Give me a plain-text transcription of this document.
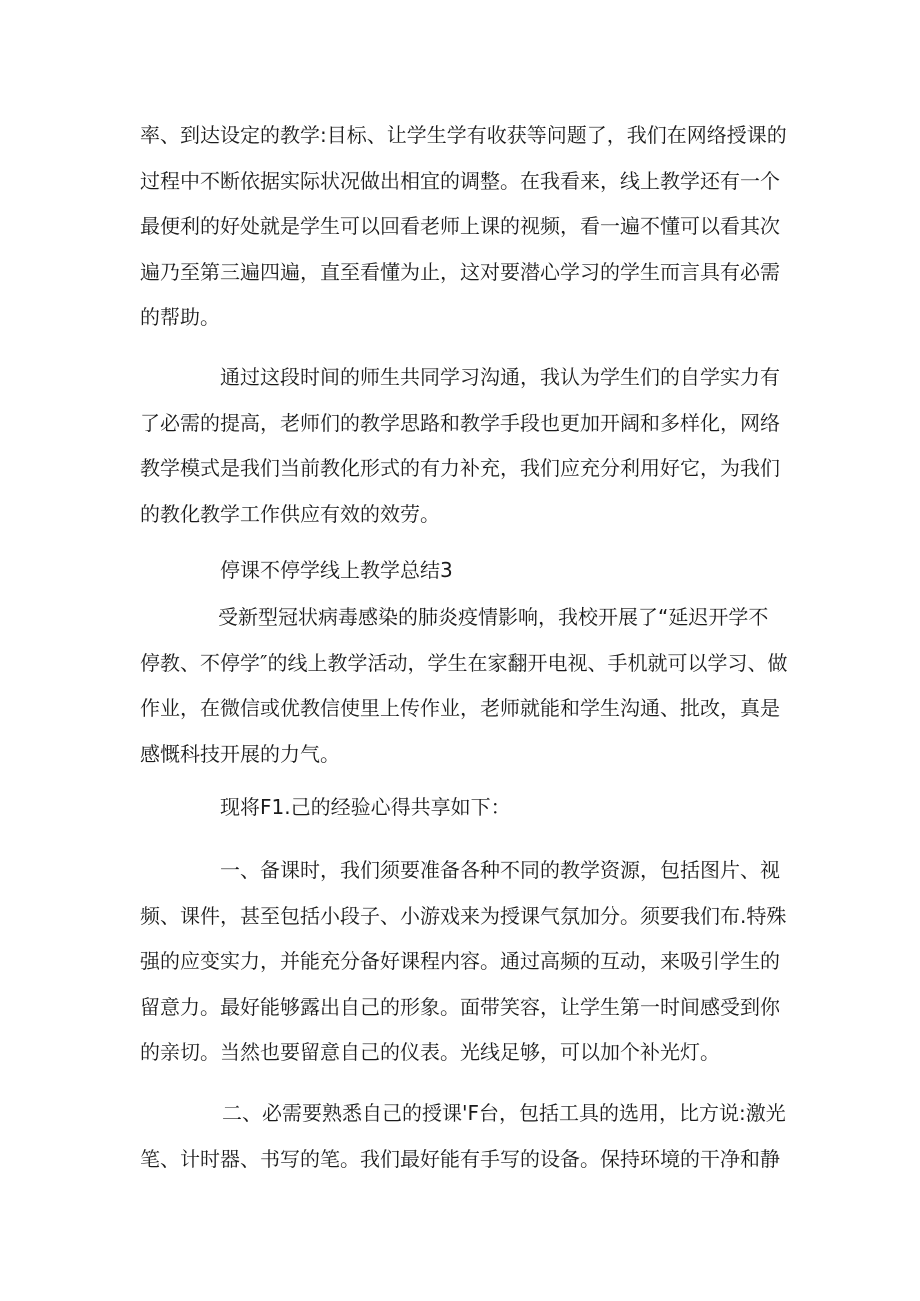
率、到达设定的教学:目标、让学生学有收获等问题了，我们在网络授课的
过程中不断依据实际状况做出相宜的调整。在我看来，线上教学还有一个
最便利的好处就是学生可以回看老师上课的视频，看一遍不懂可以看其次
遍乃至第三遍四遍，直至看懂为止，这对要潜心学习的学生而言具有必需
的帮助。
通过这段时间的师生共同学习沟通，我认为学生们的自学实力有
了必需的提高，老师们的教学思路和教学手段也更加开阔和多样化，网络
教学模式是我们当前教化形式的有力补充，我们应充分利用好它，为我们
的教化教学工作供应有效的效劳。
停课不停学线上教学总结3
受新型冠状病毒感染的肺炎疫情影响，我校开展了“延迟开学不
停教、不停学″的线上教学活动，学生在家翻开电视、手机就可以学习、做
作业，在微信或优教信使里上传作业，老师就能和学生沟通、批改，真是
感慨科技开展的力气。
现将F1.己的经验心得共享如下：
一、备课时，我们须要准备各种不同的教学资源，包括图片、视
频、课件，甚至包括小段子、小游戏来为授课气氛加分。须要我们布.特殊
强的应变实力，并能充分备好课程内容。通过高频的互动，来吸引学生的
留意力。最好能够露出自己的形象。面带笑容，让学生第一时间感受到你
的亲切。当然也要留意自己的仪表。光线足够，可以加个补光灯。
二、必需要熟悉自己的授课'F台，包括工具的选用，比方说:激光
笔、计时器、书写的笔。我们最好能有手写的设备。保持环境的干净和静
